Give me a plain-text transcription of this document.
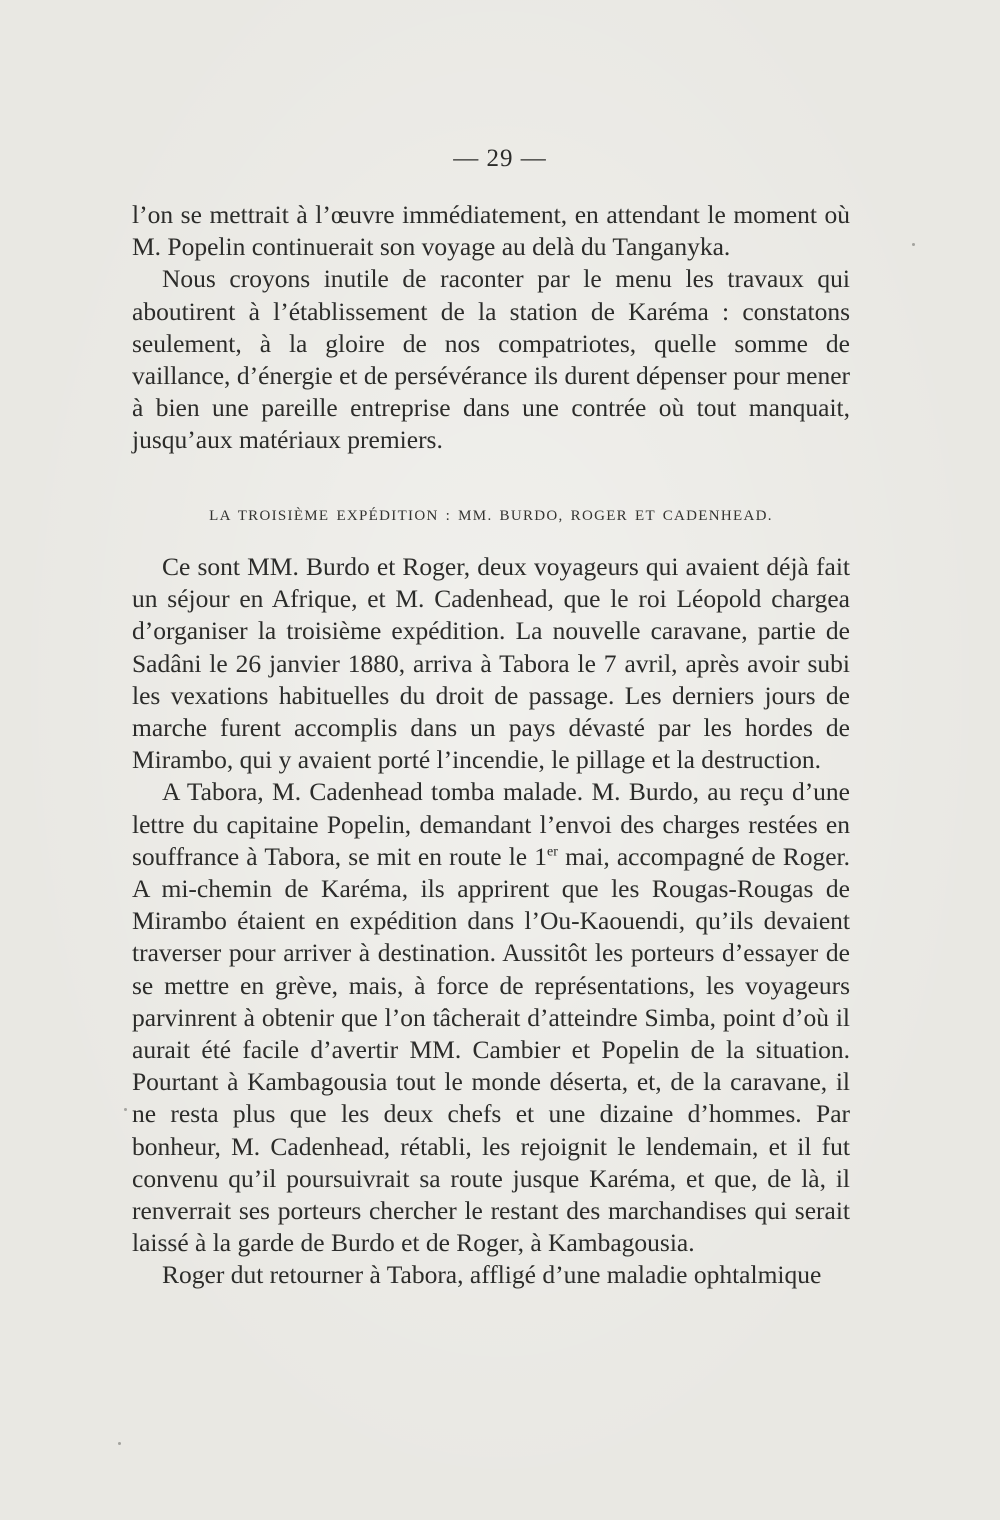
— 29 —

l’on se mettrait à l’œuvre immédiatement, en attendant le moment où M. Popelin continuerait son voyage au delà du Tanganyka.

Nous croyons inutile de raconter par le menu les travaux qui aboutirent à l’établissement de la station de Karéma : constatons seulement, à la gloire de nos compatriotes, quelle somme de vaillance, d’énergie et de persévérance ils durent dépenser pour mener à bien une pareille entreprise dans une contrée où tout manquait, jusqu’aux matériaux premiers.

LA TROISIÈME EXPÉDITION : MM. BURDO, ROGER ET CADENHEAD.

Ce sont MM. Burdo et Roger, deux voyageurs qui avaient déjà fait un séjour en Afrique, et M. Cadenhead, que le roi Léopold chargea d’organiser la troisième expédition. La nouvelle caravane, partie de Sadâni le 26 janvier 1880, arriva à Tabora le 7 avril, après avoir subi les vexations habituelles du droit de passage. Les derniers jours de marche furent accomplis dans un pays dévasté par les hordes de Mirambo, qui y avaient porté l’incendie, le pillage et la destruction.

A Tabora, M. Cadenhead tomba malade. M. Burdo, au reçu d’une lettre du capitaine Popelin, demandant l’envoi des charges restées en souffrance à Tabora, se mit en route le 1er mai, accompagné de Roger. A mi-chemin de Karéma, ils apprirent que les Rougas-Rougas de Mirambo étaient en expédition dans l’Ou-Kaouendi, qu’ils devaient traverser pour arriver à destination. Aussitôt les porteurs d’essayer de se mettre en grève, mais, à force de représentations, les voyageurs parvinrent à obtenir que l’on tâcherait d’atteindre Simba, point d’où il aurait été facile d’avertir MM. Cambier et Popelin de la situation. Pourtant à Kambagousia tout le monde déserta, et, de la caravane, il ne resta plus que les deux chefs et une dizaine d’hommes. Par bonheur, M. Cadenhead, rétabli, les rejoignit le lendemain, et il fut convenu qu’il poursuivrait sa route jusque Karéma, et que, de là, il renverrait ses porteurs chercher le restant des marchandises qui serait laissé à la garde de Burdo et de Roger, à Kambagousia.

Roger dut retourner à Tabora, affligé d’une maladie ophtalmique
